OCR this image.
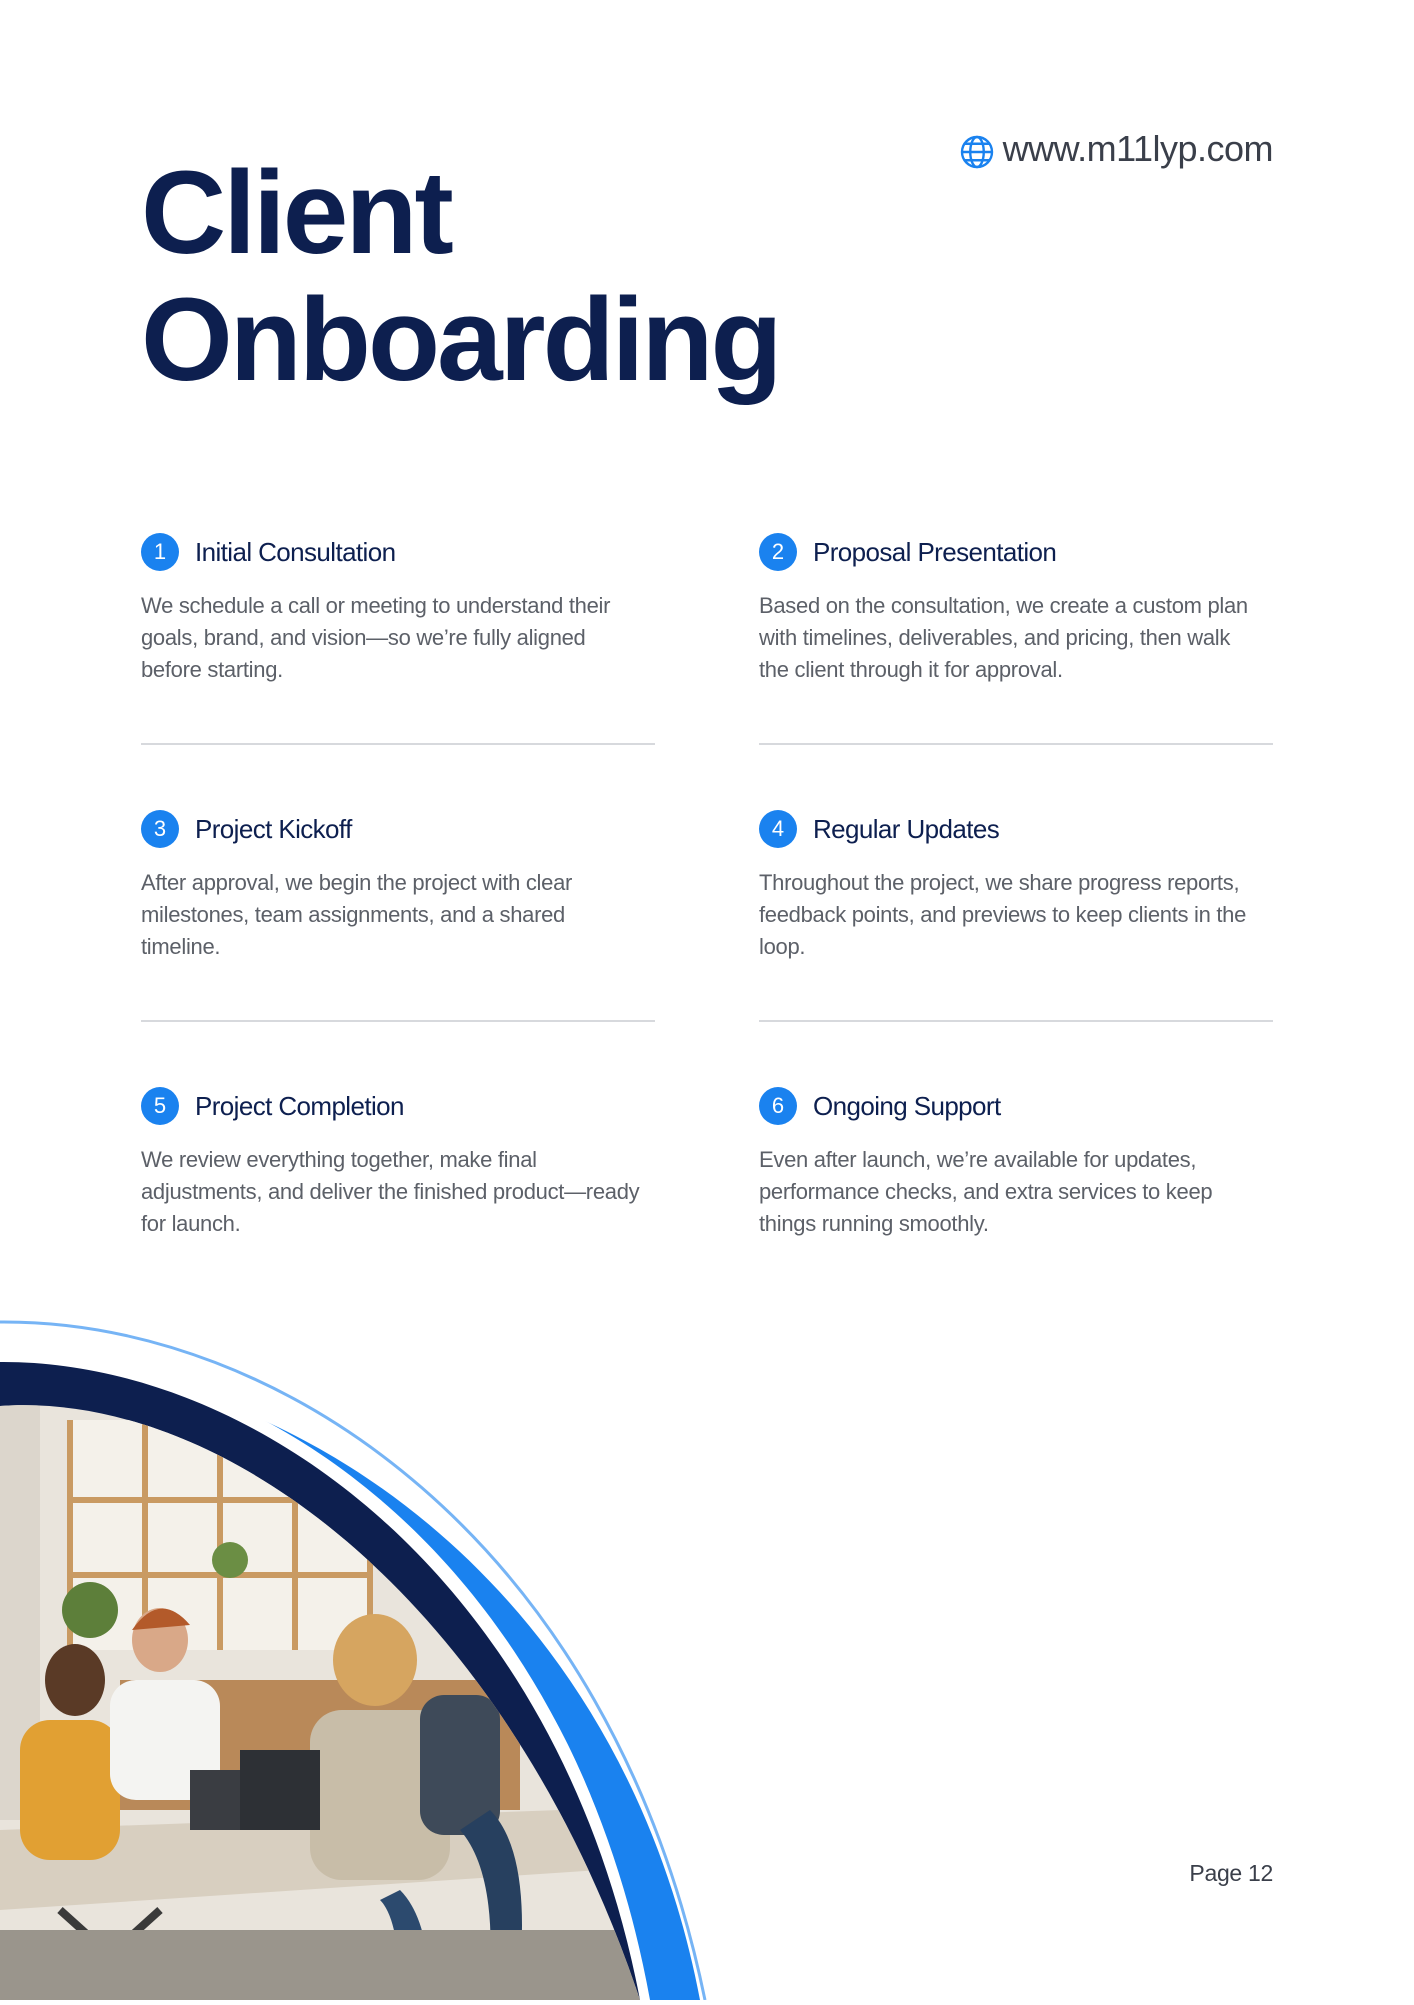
www.m11lyp.com
Client
Onboarding
1	Initial Consultation

We schedule a call or meeting to understand their goals, brand, and vision—so we’re fully aligned before starting.

2	Proposal Presentation

Based on the consultation, we create a custom plan with timelines, deliverables, and pricing, then walk the client through it for approval.

3	Project Kickoff

After approval, we begin the project with clear milestones, team assignments, and a shared timeline.

4	Regular Updates

Throughout the project, we share progress reports, feedback points, and previews to keep clients in the loop.

5	Project Completion

We review everything together, make final adjustments, and deliver the finished product—ready for launch.

6	Ongoing Support

Even after launch, we’re available for updates, performance checks, and extra services to keep things running smoothly.

Page 12
